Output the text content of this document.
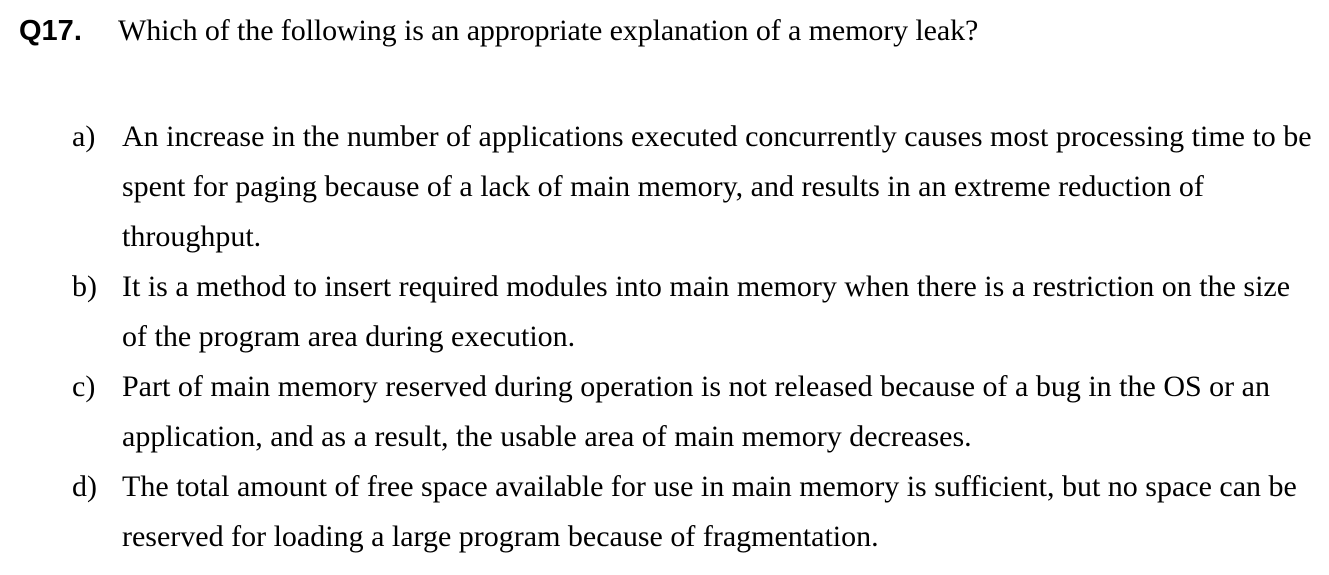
Q17.	Which of the following is an appropriate explanation of a memory leak?
a) An increase in the number of applications executed concurrently causes most processing time to be spent for paging because of a lack of main memory, and results in an extreme reduction of throughput.
b) It is a method to insert required modules into main memory when there is a restriction on the size of the program area during execution.
c) Part of main memory reserved during operation is not released because of a bug in the OS or an application, and as a result, the usable area of main memory decreases.
d) The total amount of free space available for use in main memory is sufficient, but no space can be reserved for loading a large program because of fragmentation.
